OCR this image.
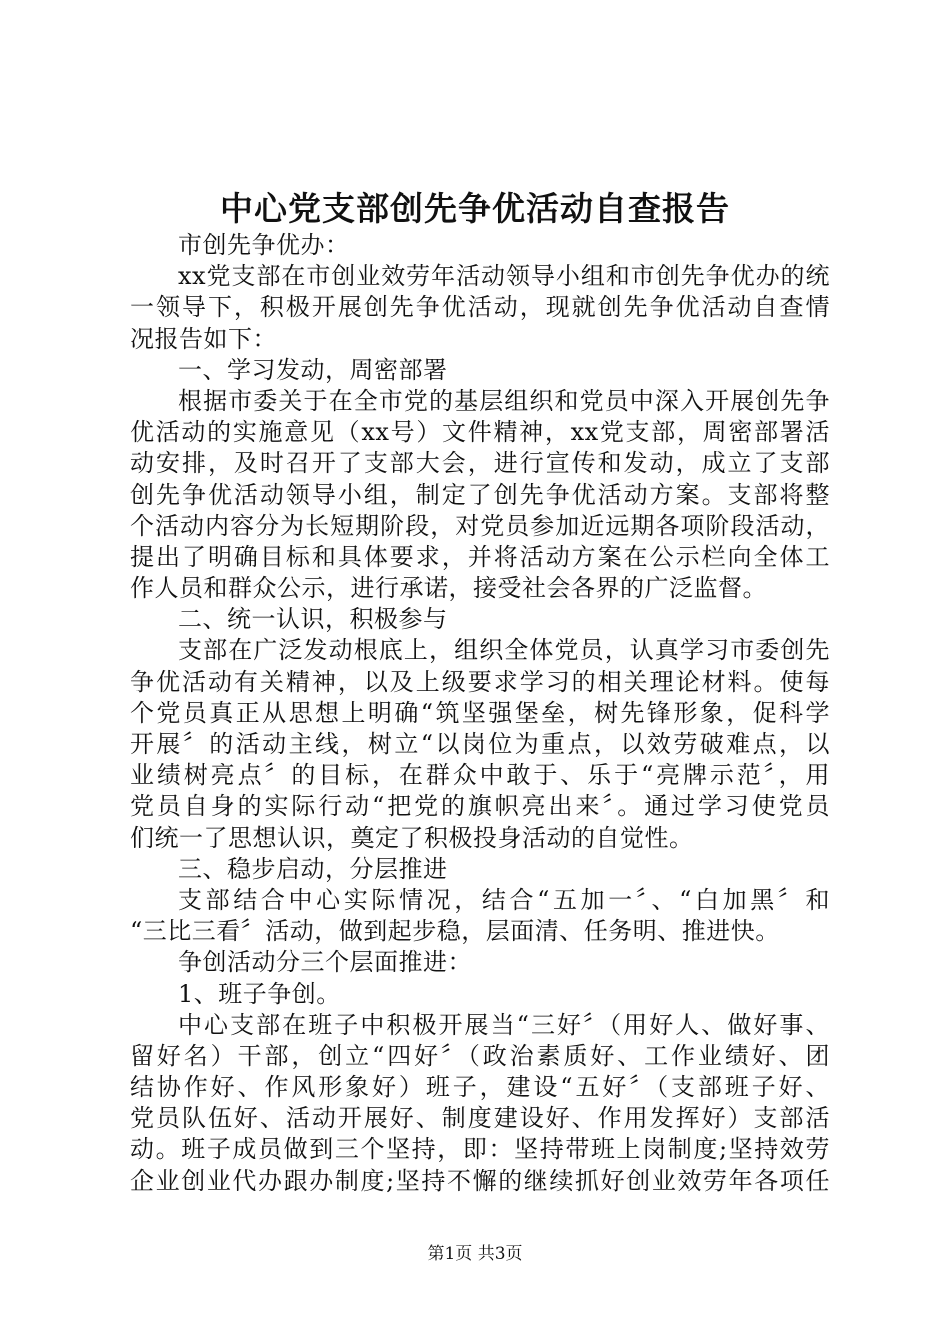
中心党支部创先争优活动自查报告
市创先争优办：
xx党支部在市创业效劳年活动领导小组和市创先争优办的统
一领导下，积极开展创先争优活动，现就创先争优活动自查情
况报告如下：
一、学习发动，周密部署
根据市委关于在全市党的基层组织和党员中深入开展创先争
优活动的实施意见（xx号）文件精神，xx党支部，周密部署活
动安排，及时召开了支部大会，进行宣传和发动，成立了支部
创先争优活动领导小组，制定了创先争优活动方案。支部将整
个活动内容分为长短期阶段，对党员参加近远期各项阶段活动，
提出了明确目标和具体要求，并将活动方案在公示栏向全体工
作人员和群众公示，进行承诺，接受社会各界的广泛监督。
二、统一认识，积极参与
支部在广泛发动根底上，组织全体党员，认真学习市委创先
争优活动有关精神，以及上级要求学习的相关理论材料。使每
个党员真正从思想上明确“筑坚强堡垒，树先锋形象，促科学
开展〞的活动主线，树立“以岗位为重点，以效劳破难点，以
业绩树亮点〞的目标，在群众中敢于、乐于“亮牌示范〞，用
党员自身的实际行动“把党的旗帜亮出来〞。通过学习使党员
们统一了思想认识，奠定了积极投身活动的自觉性。
三、稳步启动，分层推进
支部结合中心实际情况，结合“五加一〞、“白加黑〞和
“三比三看〞活动，做到起步稳，层面清、任务明、推进快。
争创活动分三个层面推进：
1、班子争创。
中心支部在班子中积极开展当“三好〞（用好人、做好事、
留好名）干部，创立“四好〞（政治素质好、工作业绩好、团
结协作好、作风形象好）班子，建设“五好〞（支部班子好、
党员队伍好、活动开展好、制度建设好、作用发挥好）支部活
动。班子成员做到三个坚持，即：坚持带班上岗制度;坚持效劳
企业创业代办跟办制度;坚持不懈的继续抓好创业效劳年各项任
第1页 共3页
